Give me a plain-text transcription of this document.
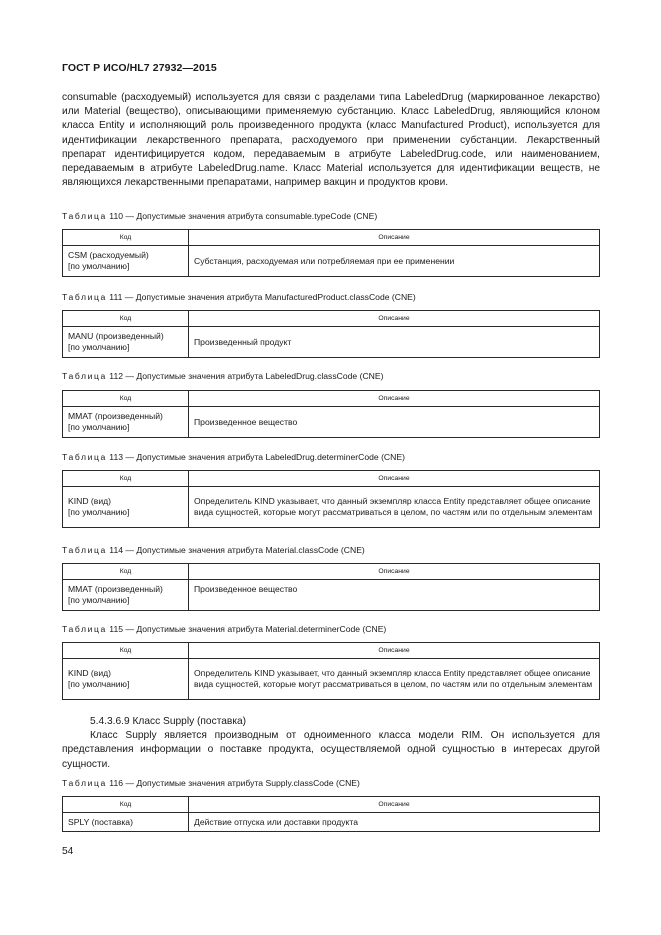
ГОСТ Р ИСО/HL7 27932—2015

consumable (расходуемый) используется для связи с разделами типа LabeledDrug (маркированное лекарство) или Material (вещество), описывающими применяемую субстанцию. Класс LabeledDrug, являющийся клоном класса Entity и исполняющий роль произведенного продукта (класс Manufactured Product), используется для идентификации лекарственного препарата, расходуемого при применении субстанции. Лекарственный препарат идентифицируется кодом, передаваемым в атрибуте LabeledDrug.code, или наименованием, передаваемым в атрибуте LabeledDrug.name. Класс Material используется для идентификации веществ, не являющихся лекарственными препаратами, например вакцин и продуктов крови.

Таблица 110 — Допустимые значения атрибута consumable.typeCode (CNE)
Код	Описание
CSM (расходуемый)
[по умолчанию]	Субстанция, расходуемая или потребляемая при ее применении
Таблица 111 — Допустимые значения атрибута ManufacturedProduct.classCode (CNE)
Код	Описание
MANU (произведенный)
[по умолчанию]	Произведенный продукт
Таблица 112 — Допустимые значения атрибута LabeledDrug.classCode (CNE)
Код	Описание
MMAT (произведенный)
[по умолчанию]	Произведенное вещество
Таблица 113 — Допустимые значения атрибута LabeledDrug.determinerCode (CNE)
Код	Описание
KIND (вид)
[по умолчанию]	Определитель KIND указывает, что данный экземпляр класса Entity представляет общее описание вида сущностей, которые могут рассматриваться в целом, по частям или по отдельным элементам
Таблица 114 — Допустимые значения атрибута Material.classCode (CNE)
Код	Описание
MMAT (произведенный)
[по умолчанию]	Произведенное вещество
Таблица 115 — Допустимые значения атрибута Material.determinerCode (CNE)
Код	Описание
KIND (вид)
[по умолчанию]	Определитель KIND указывает, что данный экземпляр класса Entity представляет общее описание вида сущностей, которые могут рассматриваться в целом, по частям или по отдельным элементам

5.4.3.6.9 Класс Supply (поставка)

Класс Supply является производным от одноименного класса модели RIM. Он используется для представления информации о поставке продукта, осуществляемой одной сущностью в интересах другой сущности.

Таблица 116 — Допустимые значения атрибута Supply.classCode (CNE)
Код	Описание
SPLY (поставка)	Действие отпуска или доставки продукта
54
